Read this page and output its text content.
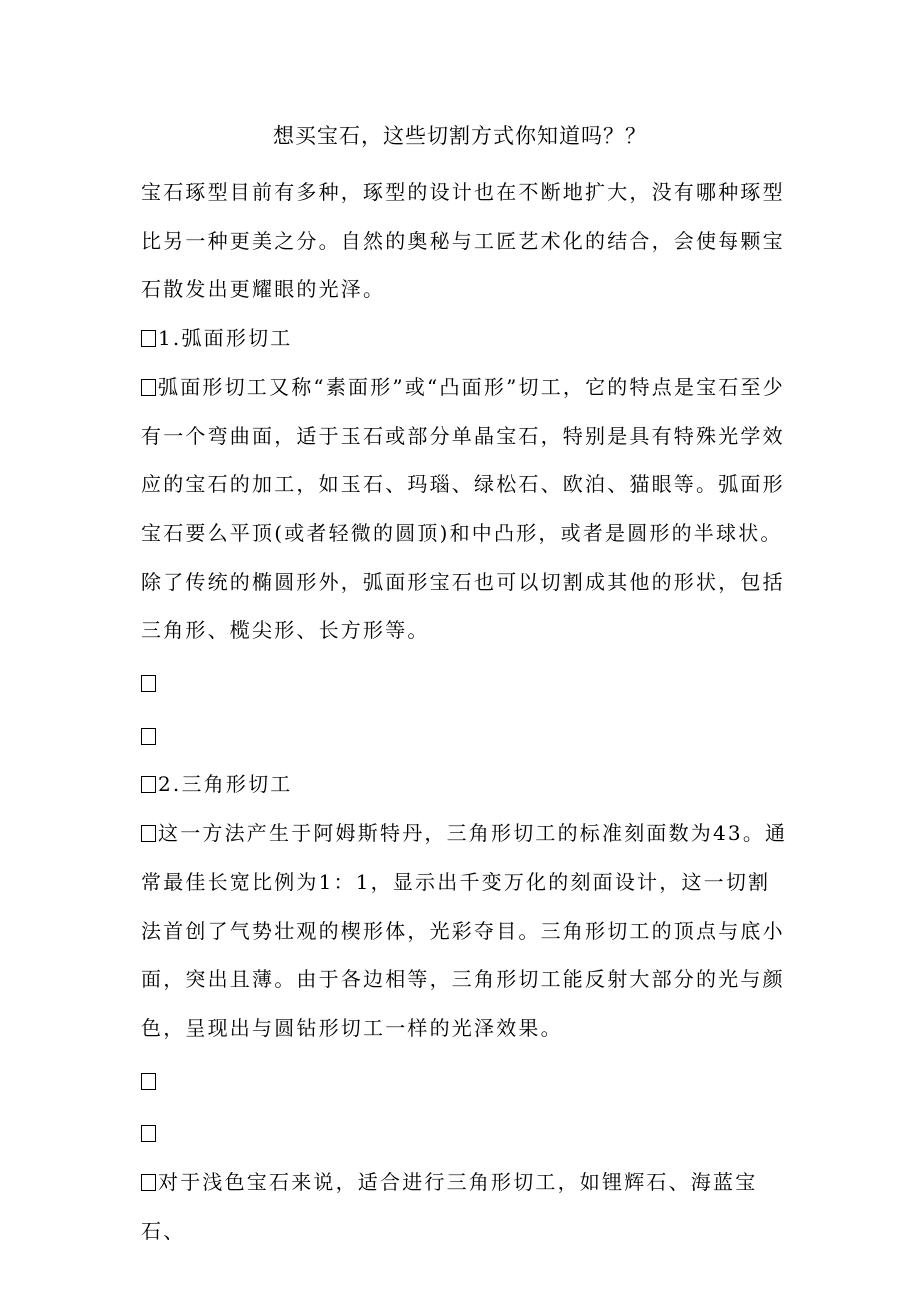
想买宝石，这些切割方式你知道吗？？

宝石琢型目前有多种，琢型的设计也在不断地扩大，没有哪种琢型比另一种更美之分。自然的奥秘与工匠艺术化的结合，会使每颗宝石散发出更耀眼的光泽。

1.弧面形切工

弧面形切工又称“素面形”或“凸面形”切工，它的特点是宝石至少有一个弯曲面，适于玉石或部分单晶宝石，特别是具有特殊光学效应的宝石的加工，如玉石、玛瑙、绿松石、欧泊、猫眼等。弧面形宝石要么平顶(或者轻微的圆顶)和中凸形，或者是圆形的半球状。除了传统的椭圆形外，弧面形宝石也可以切割成其他的形状，包括三角形、榄尖形、长方形等。

2.三角形切工

这一方法产生于阿姆斯特丹，三角形切工的标准刻面数为43。通常最佳长宽比例为1：1，显示出千变万化的刻面设计，这一切割法首创了气势壮观的楔形体，光彩夺目。三角形切工的顶点与底小面，突出且薄。由于各边相等，三角形切工能反射大部分的光与颜色，呈现出与圆钻形切工一样的光泽效果。

对于浅色宝石来说，适合进行三角形切工，如锂辉石、海蓝宝石、
